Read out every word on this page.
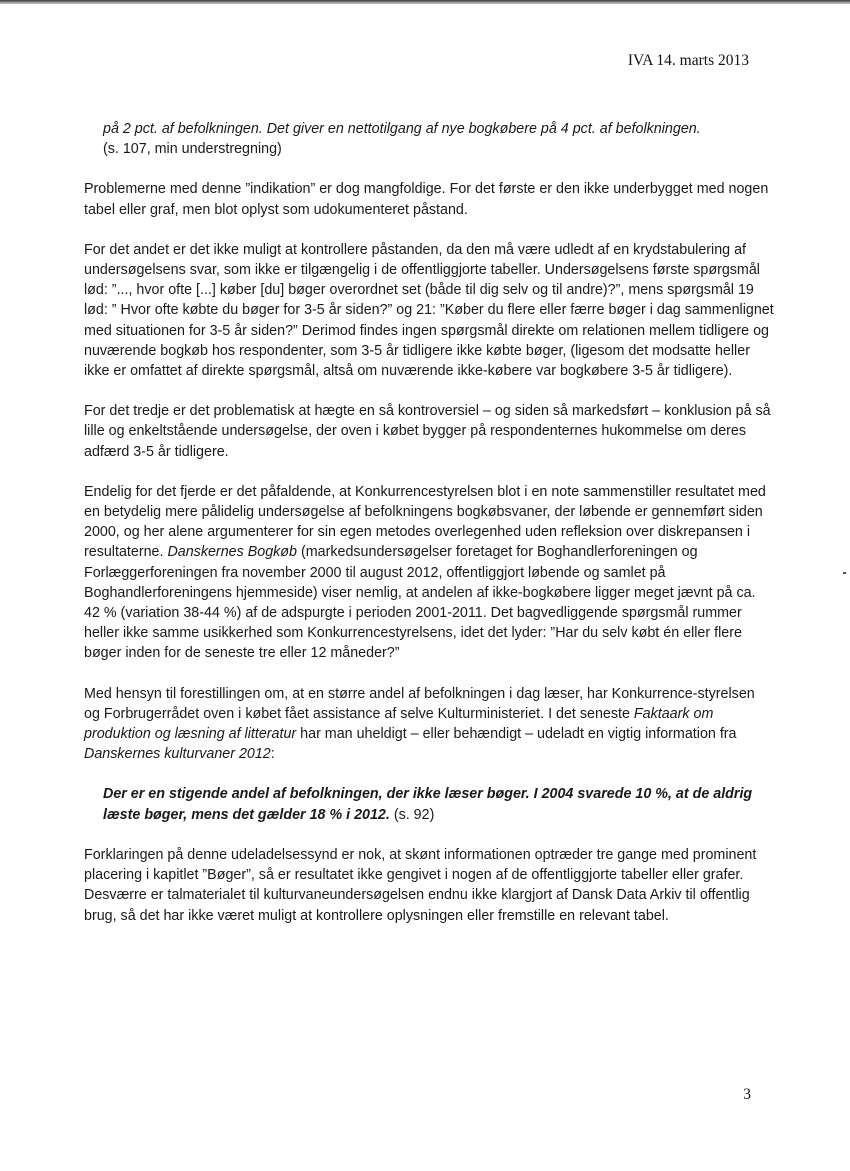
IVA 14. marts 2013

på 2 pct. af befolkningen. Det giver en nettotilgang af nye bogkøbere på 4 pct. af befolkningen.
(s. 107, min understregning)

Problemerne med denne ”indikation” er dog mangfoldige. For det første er den ikke underbygget med nogen tabel eller graf, men blot oplyst som udokumenteret påstand.

For det andet er det ikke muligt at kontrollere påstanden, da den må være udledt af en krydstabulering af undersøgelsens svar, som ikke er tilgængelig i de offentliggjorte tabeller. Undersøgelsens første spørgsmål lød: ”..., hvor ofte [...] køber [du] bøger overordnet set (både til dig selv og til andre)?”, mens spørgsmål 19 lød: ” Hvor ofte købte du bøger for 3-5 år siden?” og 21: ”Køber du flere eller færre bøger i dag sammenlignet med situationen for 3-5 år siden?” Derimod findes ingen spørgsmål direkte om relationen mellem tidligere og nuværende bogkøb hos respondenter, som 3-5 år tidligere ikke købte bøger, (ligesom det modsatte heller ikke er omfattet af direkte spørgsmål, altså om nuværende ikke-købere var bogkøbere 3-5 år tidligere).

For det tredje er det problematisk at hægte en så kontroversiel – og siden så markedsført – konklusion på så lille og enkeltstående undersøgelse, der oven i købet bygger på respondenternes hukommelse om deres adfærd 3-5 år tidligere.

Endelig for det fjerde er det påfaldende, at Konkurrencestyrelsen blot i en note sammenstiller resultatet med en betydelig mere pålidelig undersøgelse af befolkningens bogkøbsvaner, der løbende er gennemført siden 2000, og her alene argumenterer for sin egen metodes overlegenhed uden refleksion over diskrepansen i resultaterne. Danskernes Bogkøb (markedsundersøgelser foretaget for Boghandlerforeningen og Forlæggerforeningen fra november 2000 til august 2012, offentliggjort løbende og samlet på Boghandlerforeningens hjemmeside) viser nemlig, at andelen af ikke-bogkøbere ligger meget jævnt på ca. 42 % (variation 38-44 %) af de adspurgte i perioden 2001-2011. Det bagvedliggende spørgsmål rummer heller ikke samme usikkerhed som Konkurrencestyrelsens, idet det lyder: ”Har du selv købt én eller flere bøger inden for de seneste tre eller 12 måneder?”

Med hensyn til forestillingen om, at en større andel af befolkningen i dag læser, har Konkurrence-styrelsen og Forbrugerrådet oven i købet fået assistance af selve Kulturministeriet. I det seneste Faktaark om produktion og læsning af litteratur har man uheldigt – eller behændigt – udeladt en vigtig information fra Danskernes kulturvaner 2012:

Der er en stigende andel af befolkningen, der ikke læser bøger. I 2004 svarede 10 %, at de aldrig læste bøger, mens det gælder 18 % i 2012. (s. 92)

Forklaringen på denne udeladelsessynd er nok, at skønt informationen optræder tre gange med prominent placering i kapitlet ”Bøger”, så er resultatet ikke gengivet i nogen af de offentliggjorte tabeller eller grafer. Desværre er talmaterialet til kulturvaneundersøgelsen endnu ikke klargjort af Dansk Data Arkiv til offentlig brug, så det har ikke været muligt at kontrollere oplysningen eller fremstille en relevant tabel.

3
